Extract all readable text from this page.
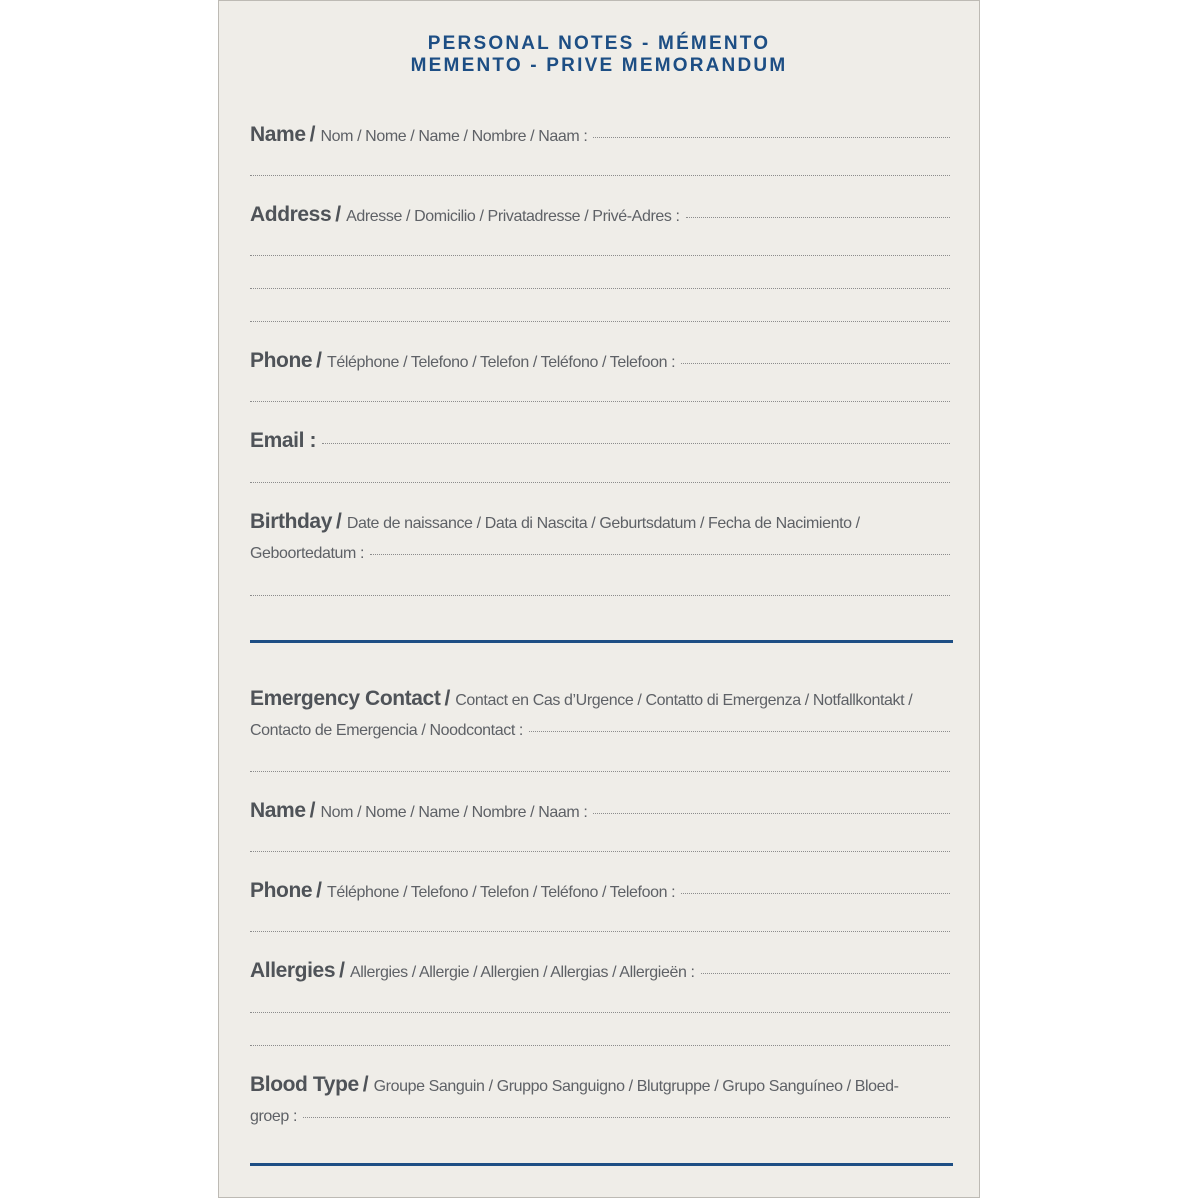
PERSONAL NOTES - MÉMENTO
MEMENTO - PRIVE MEMORANDUM
Name / Nom / Nome / Name / Nombre / Naam :
Address / Adresse / Domicilio / Privatadresse / Privé-Adres :
Phone / Téléphone / Telefono / Telefon / Teléfono / Telefoon :
Email :
Birthday / Date de naissance / Data di Nascita / Geburtsdatum / Fecha de Nacimiento /
Geboortedatum :
Emergency Contact / Contact en Cas d’Urgence / Contatto di Emergenza / Notfallkontakt /
Contacto de Emergencia / Noodcontact :
Name / Nom / Nome / Name / Nombre / Naam :
Phone / Téléphone / Telefono / Telefon / Teléfono / Telefoon :
Allergies / Allergies / Allergie / Allergien / Allergias / Allergieën :
Blood Type / Groupe Sanguin / Gruppo Sanguigno / Blutgruppe / Grupo Sanguíneo / Bloed-
groep :
